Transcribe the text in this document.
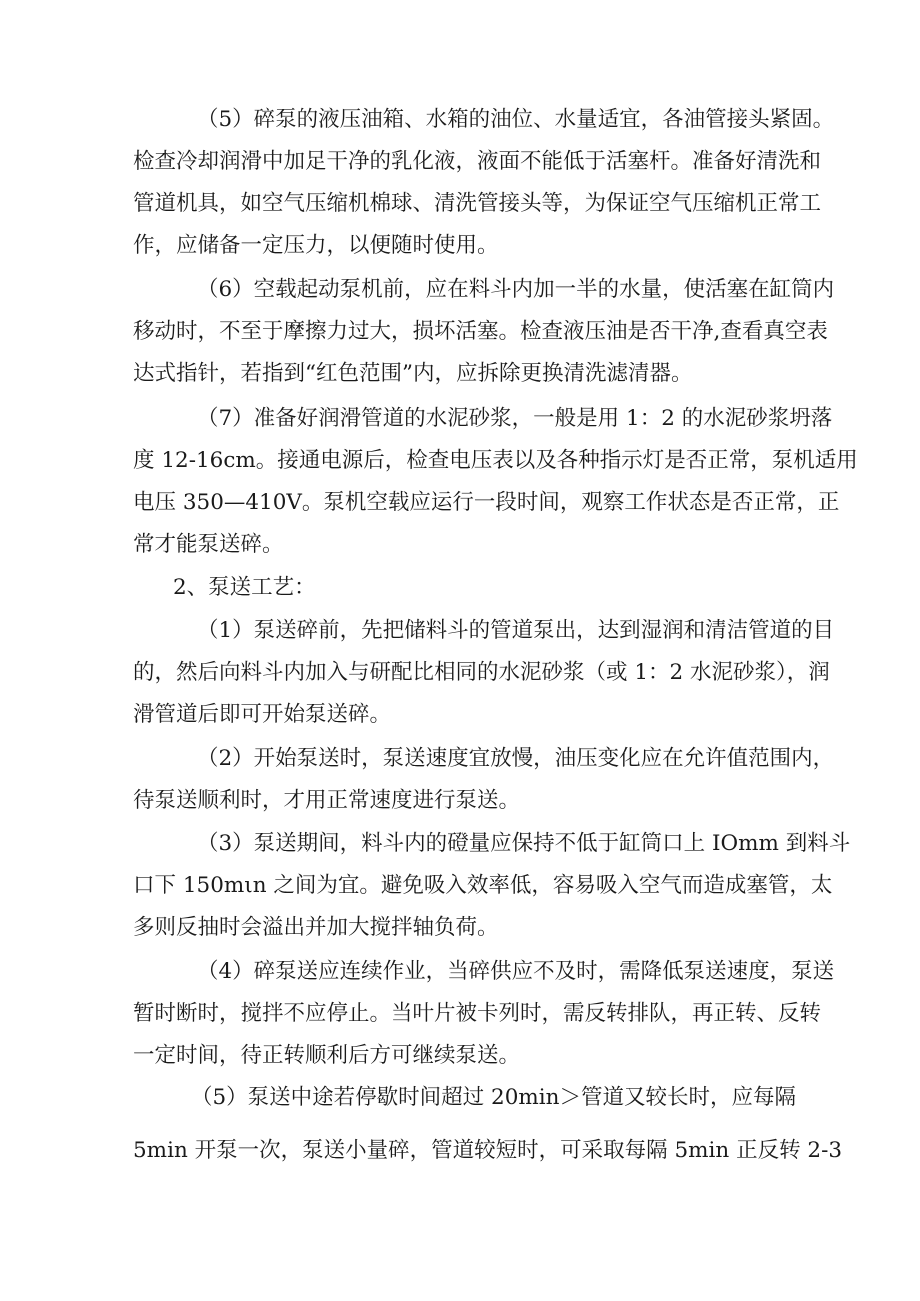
（5）碎泵的液压油箱、水箱的油位、水量适宜，各油管接头紧固。
检查冷却润滑中加足干净的乳化液，液面不能低于活塞杆。准备好清洗和
管道机具，如空气压缩机棉球、清洗管接头等，为保证空气压缩机正常工
作，应储备一定压力，以便随时使用。
（6）空载起动泵机前，应在料斗内加一半的水量，使活塞在缸筒内
移动时，不至于摩擦力过大，损坏活塞。检查液压油是否干净,查看真空表
达式指针，若指到“红色范围”内，应拆除更换清洗滤清器。
（7）准备好润滑管道的水泥砂浆，一般是用 1：2 的水泥砂浆坍落
度 12-16cm。接通电源后，检查电压表以及各种指示灯是否正常，泵机适用
电压 350—410V。泵机空载应运行一段时间，观察工作状态是否正常，正
常才能泵送碎。
2、泵送工艺：
（1）泵送碎前，先把储料斗的管道泵出，达到湿润和清洁管道的目
的，然后向料斗内加入与研配比相同的水泥砂浆（或 1：2 水泥砂浆），润
滑管道后即可开始泵送碎。
（2）开始泵送时，泵送速度宜放慢，油压变化应在允许值范围内，
待泵送顺利时，才用正常速度进行泵送。
（3）泵送期间，料斗内的磴量应保持不低于缸筒口上 IOmm 到料斗
口下 150mιn 之间为宜。避免吸入效率低，容易吸入空气而造成塞管，太
多则反抽时会溢出并加大搅拌轴负荷。
（4）碎泵送应连续作业，当碎供应不及时，需降低泵送速度，泵送
暂时断时，搅拌不应停止。当叶片被卡列时，需反转排队，再正转、反转
一定时间，待正转顺利后方可继续泵送。
（5）泵送中途若停歇时间超过 20min＞管道又较长时，应每隔
5min 开泵一次，泵送小量碎，管道较短时，可采取每隔 5min 正反转 2-3
